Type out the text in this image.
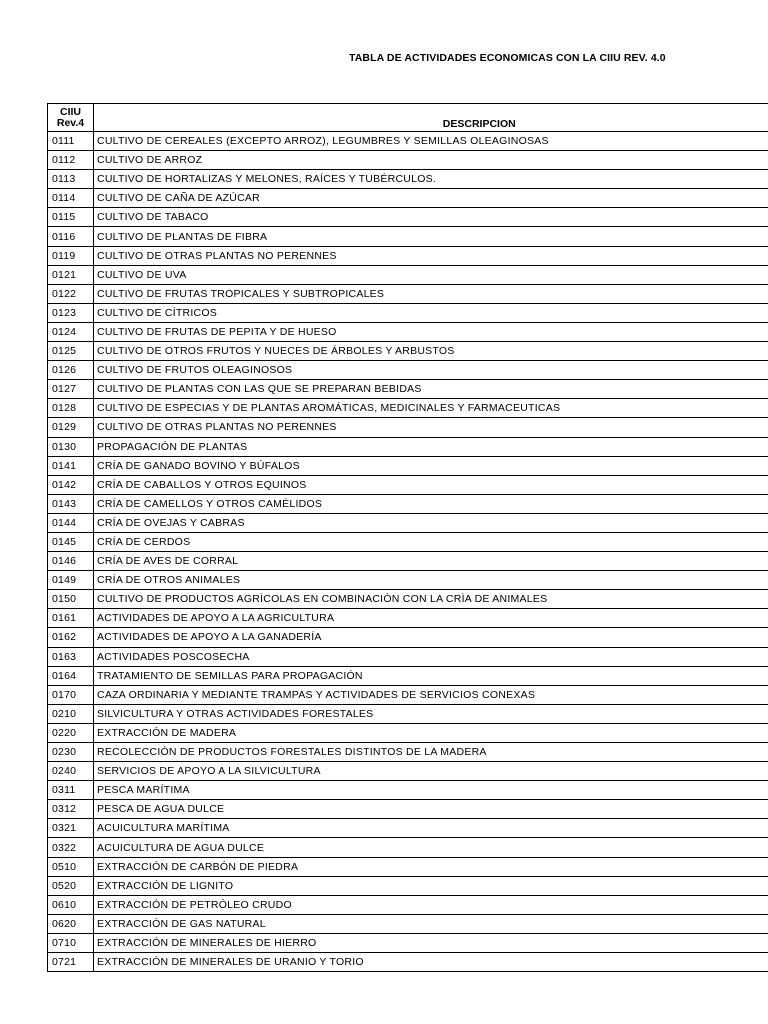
TABLA DE ACTIVIDADES ECONOMICAS CON LA CIIU REV. 4.0
CIIU
Rev.4	DESCRIPCION
0111	CULTIVO DE CEREALES (EXCEPTO ARROZ), LEGUMBRES Y SEMILLAS OLEAGINOSAS
0112	CULTIVO DE ARROZ
0113	CULTIVO DE HORTALIZAS Y MELONES, RAÍCES Y TUBÉRCULOS.
0114	CULTIVO DE CAÑA DE AZÚCAR
0115	CULTIVO DE TABACO
0116	CULTIVO DE PLANTAS DE FIBRA
0119	CULTIVO DE OTRAS PLANTAS NO PERENNES
0121	CULTIVO DE UVA
0122	CULTIVO DE FRUTAS TROPICALES Y SUBTROPICALES
0123	CULTIVO DE CÍTRICOS
0124	CULTIVO DE FRUTAS DE PEPITA Y DE HUESO
0125	CULTIVO DE OTROS FRUTOS Y NUECES DE ÁRBOLES Y ARBUSTOS
0126	CULTIVO DE FRUTOS OLEAGINOSOS
0127	CULTIVO DE PLANTAS CON LAS QUE SE PREPARAN BEBIDAS
0128	CULTIVO DE ESPECIAS Y DE PLANTAS AROMÁTICAS, MEDICINALES Y FARMACEUTICAS
0129	CULTIVO DE OTRAS PLANTAS NO PERENNES
0130	PROPAGACIÓN DE PLANTAS
0141	CRÍA DE GANADO BOVINO Y BÚFALOS
0142	CRÍA DE CABALLOS Y OTROS EQUINOS
0143	CRÍA DE CAMELLOS Y OTROS CAMÉLIDOS
0144	CRÍA DE OVEJAS Y CABRAS
0145	CRÍA DE CERDOS
0146	CRÍA DE AVES DE CORRAL
0149	CRÍA DE OTROS ANIMALES
0150	CULTIVO DE PRODUCTOS AGRÌCOLAS EN COMBINACIÒN CON LA CRÌA DE ANIMALES
0161	ACTIVIDADES DE APOYO A LA AGRICULTURA
0162	ACTIVIDADES DE APOYO A LA GANADERÍA
0163	ACTIVIDADES POSCOSECHA
0164	TRATAMIENTO DE SEMILLAS PARA PROPAGACIÓN
0170	CAZA ORDINARIA Y MEDIANTE TRAMPAS Y ACTIVIDADES DE SERVICIOS CONEXAS
0210	SILVICULTURA Y OTRAS ACTIVIDADES FORESTALES
0220	EXTRACCIÓN DE MADERA
0230	RECOLECCIÓN DE PRODUCTOS FORESTALES DISTINTOS DE LA MADERA
0240	SERVICIOS DE APOYO A LA SILVICULTURA
0311	PESCA MARÍTIMA
0312	PESCA DE AGUA DULCE
0321	ACUICULTURA MARÍTIMA
0322	ACUICULTURA DE AGUA DULCE
0510	EXTRACCIÓN DE CARBÓN DE PIEDRA
0520	EXTRACCIÓN DE LIGNITO
0610	EXTRACCIÓN DE PETRÓLEO CRUDO
0620	EXTRACCIÓN DE GAS NATURAL
0710	EXTRACCIÓN DE MINERALES DE HIERRO
0721	EXTRACCIÓN DE MINERALES DE URANIO Y TORIO
